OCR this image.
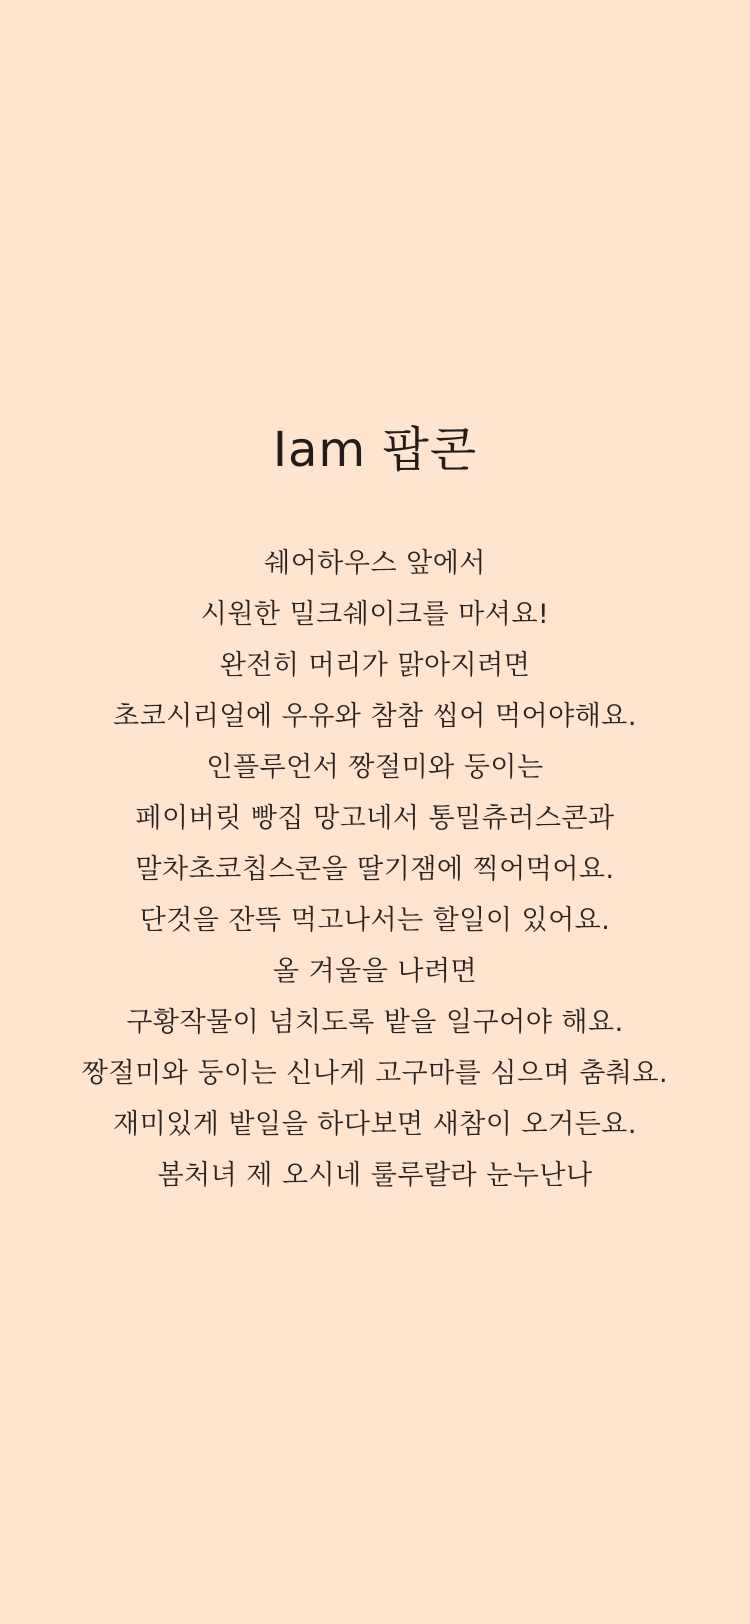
Iam 팝콘
쉐어하우스 앞에서
시원한 밀크쉐이크를 마셔요!
완전히 머리가 맑아지려면
초코시리얼에 우유와 참참 씹어 먹어야해요.
인플루언서 짱절미와 둥이는
페이버릿 빵집 망고네서 통밀츄러스콘과
말차초코칩스콘을 딸기잼에 찍어먹어요.
단것을 잔뜩 먹고나서는 할일이 있어요.
올 겨울을 나려면
구황작물이 넘치도록 밭을 일구어야 해요.
짱절미와 둥이는 신나게 고구마를 심으며 춤춰요.
재미있게 밭일을 하다보면 새참이 오거든요.
봄처녀 제 오시네 룰루랄라 눈누난나
